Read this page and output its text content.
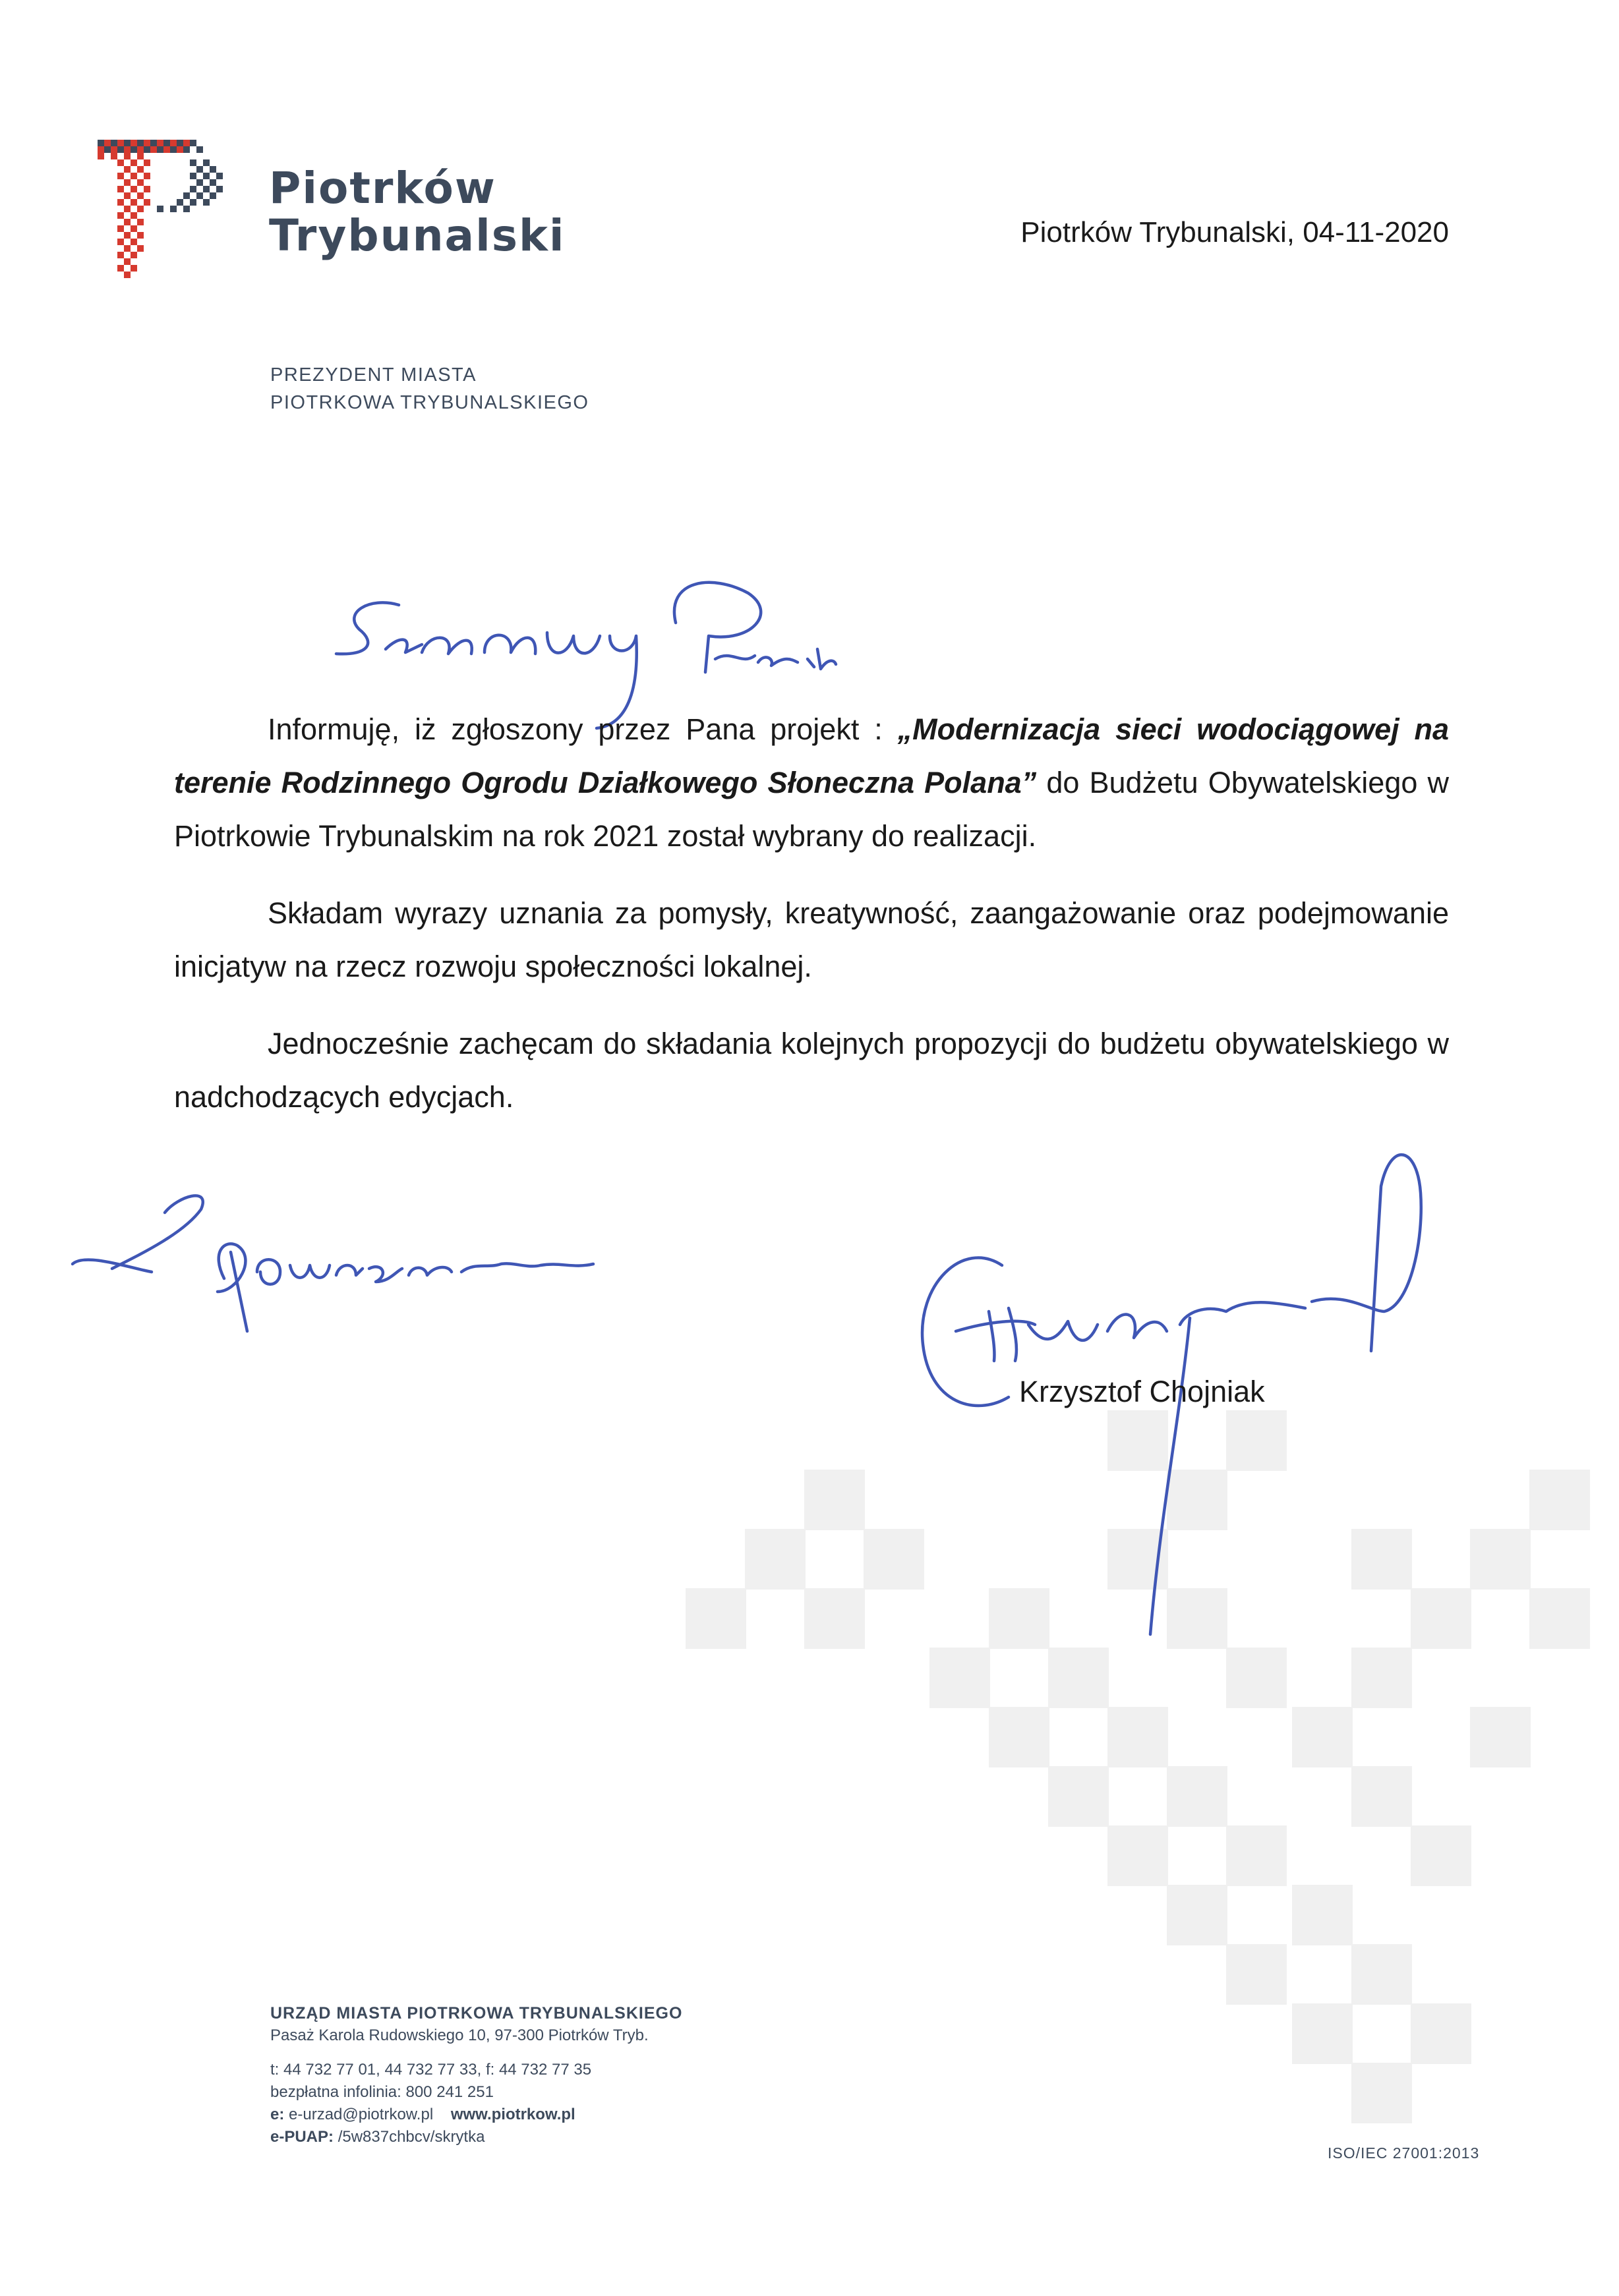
Piotrków
Trybunalski
PREZYDENT MIASTA
PIOTRKOWA TRYBUNALSKIEGO
Piotrków Trybunalski, 04-11-2020

Informuję, iż zgłoszony przez Pana projekt : „Modernizacja sieci wodociągowej na terenie Rodzinnego Ogrodu Działkowego Słoneczna Polana” do Budżetu Obywatelskiego w Piotrkowie Trybunalskim na rok 2021 został wybrany do realizacji.

Składam wyrazy uznania za pomysły, kreatywność, zaangażowanie oraz podejmowanie inicjatyw na rzecz rozwoju społeczności lokalnej.

Jednocześnie zachęcam do składania kolejnych propozycji do budżetu obywatelskiego w nadchodzących edycjach.

Krzysztof Chojniak
URZĄD MIASTA PIOTRKOWA TRYBUNALSKIEGO
Pasaż Karola Rudowskiego 10, 97-300 Piotrków Tryb.
t: 44 732 77 01, 44 732 77 33, f: 44 732 77 35
bezpłatna infolinia: 800 241 251
e: e-urzad@piotrkow.pl www.piotrkow.pl
e-PUAP: /5w837chbcv/skrytka
ISO/IEC 27001:2013
